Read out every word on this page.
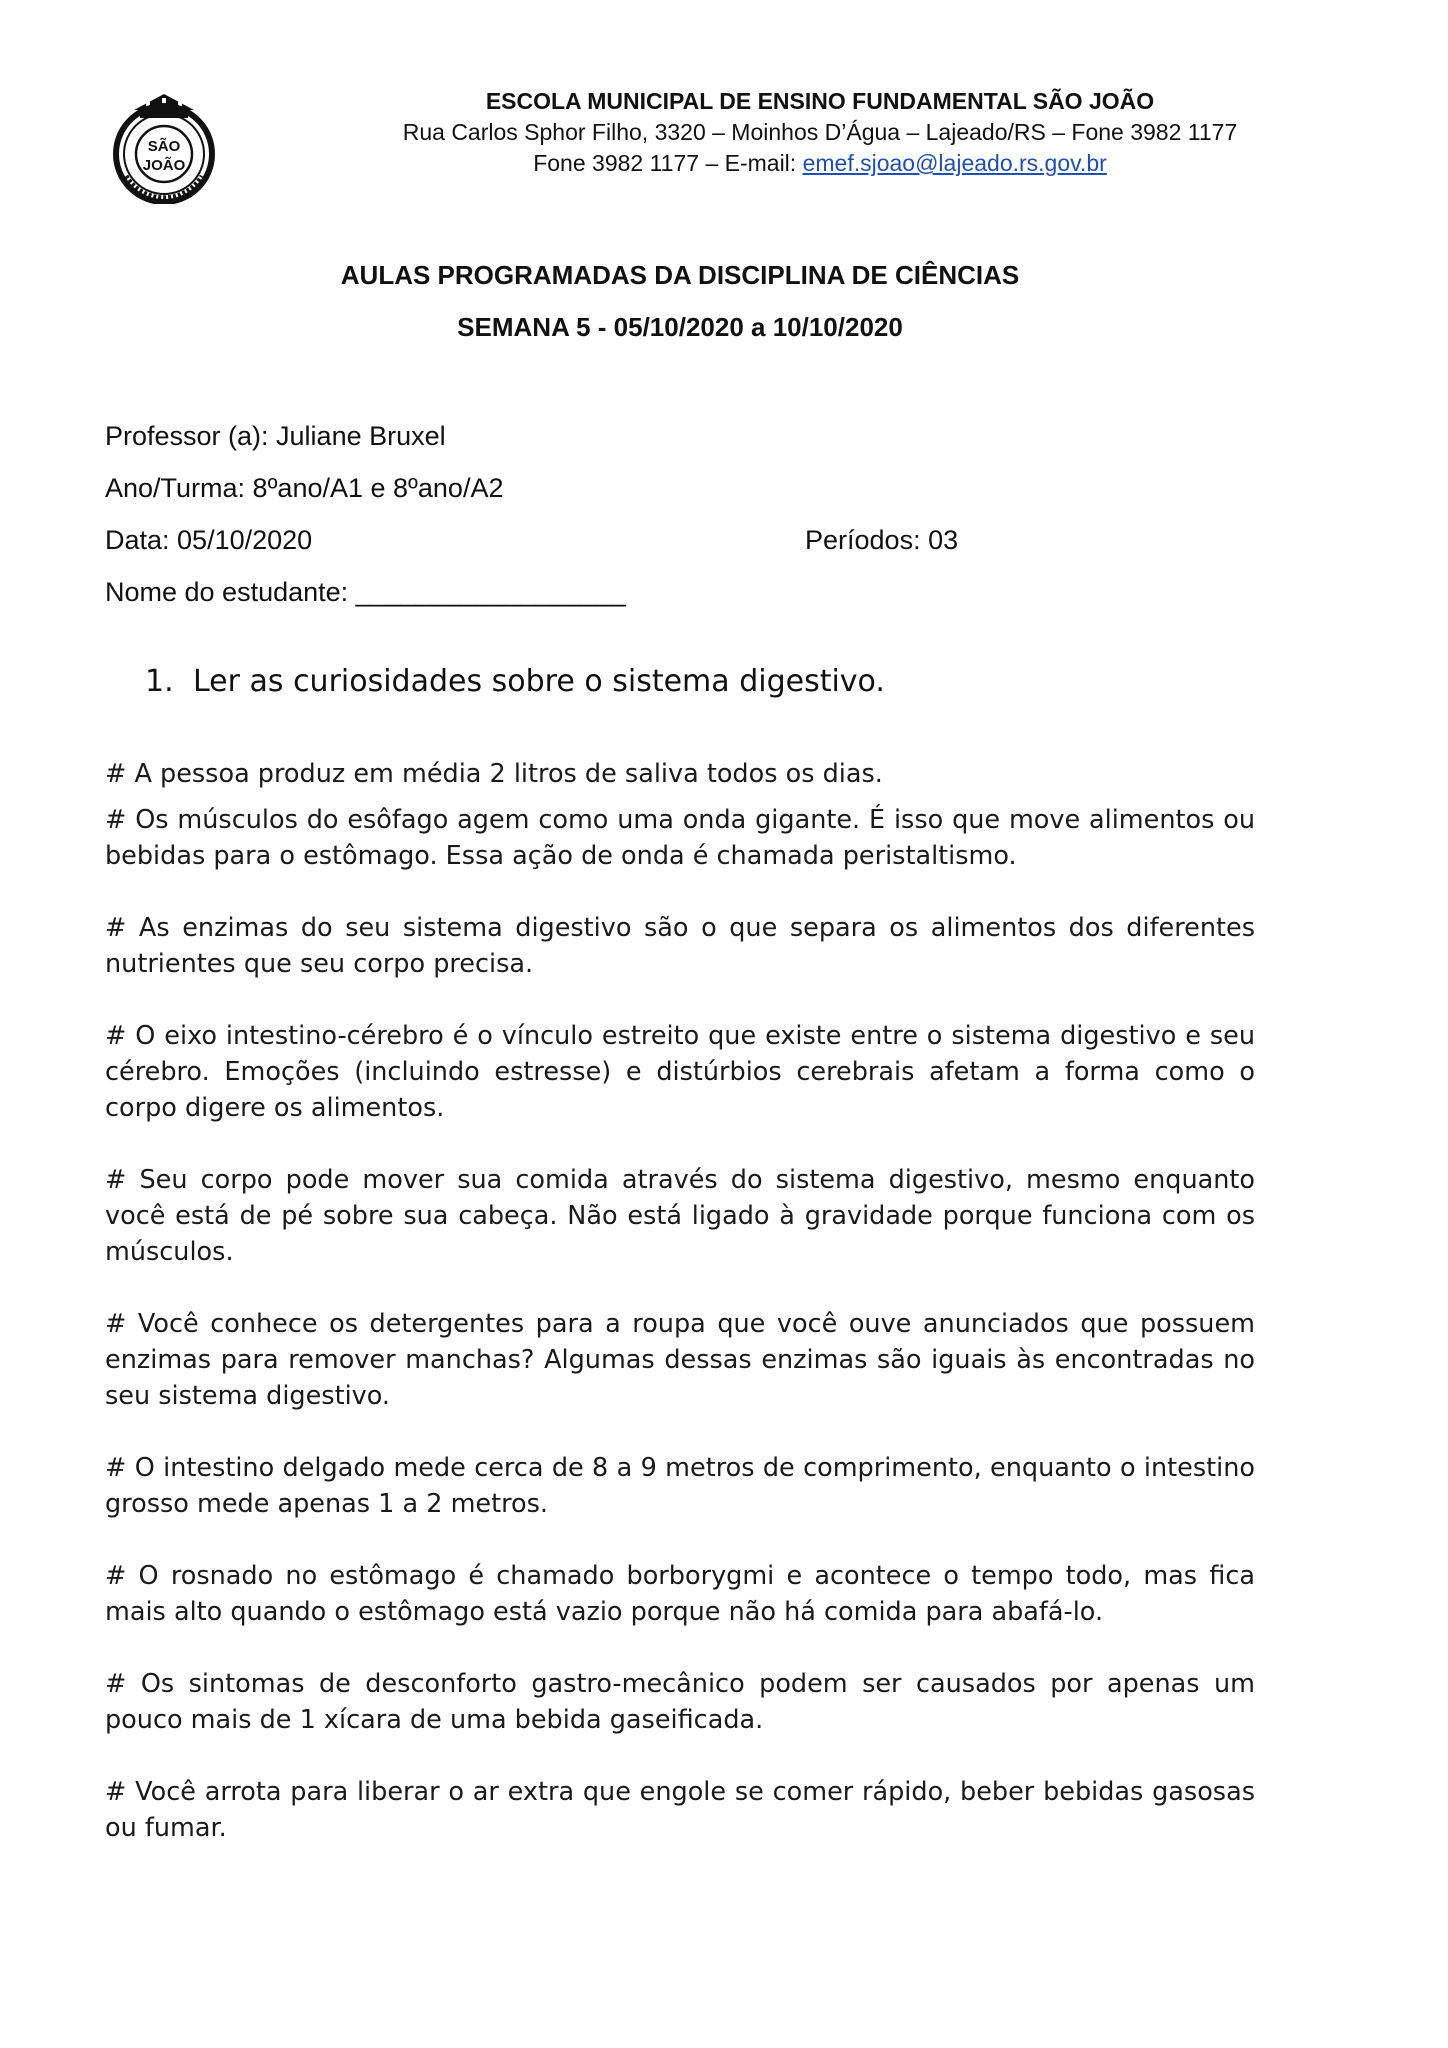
SÃO
JOÃO
ESCOLA MUNICIPAL DE ENSINO FUNDAMENTAL SÃO JOÃO
Rua Carlos Sphor Filho, 3320 – Moinhos D’Água – Lajeado/RS – Fone 3982 1177
Fone 3982 1177 – E-mail: emef.sjoao@lajeado.rs.gov.br
AULAS PROGRAMADAS DA DISCIPLINA DE CIÊNCIAS
SEMANA 5 - 05/10/2020 a 10/10/2020
Professor (a): Juliane Bruxel
Ano/Turma: 8ºano/A1 e 8ºano/A2
Data: 05/10/2020	Períodos: 03
Nome do estudante: __________________
1. Ler as curiosidades sobre o sistema digestivo.

# A pessoa produz em média 2 litros de saliva todos os dias.

# Os músculos do esôfago agem como uma onda gigante. É isso que move alimentos ou bebidas para o estômago. Essa ação de onda é chamada peristaltismo.

# As enzimas do seu sistema digestivo são o que separa os alimentos dos diferentes nutrientes que seu corpo precisa.

# O eixo intestino-cérebro é o vínculo estreito que existe entre o sistema digestivo e seu cérebro. Emoções (incluindo estresse) e distúrbios cerebrais afetam a forma como o corpo digere os alimentos.

# Seu corpo pode mover sua comida através do sistema digestivo, mesmo enquanto você está de pé sobre sua cabeça. Não está ligado à gravidade porque funciona com os músculos.

# Você conhece os detergentes para a roupa que você ouve anunciados que possuem enzimas para remover manchas? Algumas dessas enzimas são iguais às encontradas no seu sistema digestivo.

# O intestino delgado mede cerca de 8 a 9 metros de comprimento, enquanto o intestino grosso mede apenas 1 a 2 metros.

# O rosnado no estômago é chamado borborygmi e acontece o tempo todo, mas fica mais alto quando o estômago está vazio porque não há comida para abafá-lo.

# Os sintomas de desconforto gastro-mecânico podem ser causados por apenas um pouco mais de 1 xícara de uma bebida gaseificada.

# Você arrota para liberar o ar extra que engole se comer rápido, beber bebidas gasosas ou fumar.
